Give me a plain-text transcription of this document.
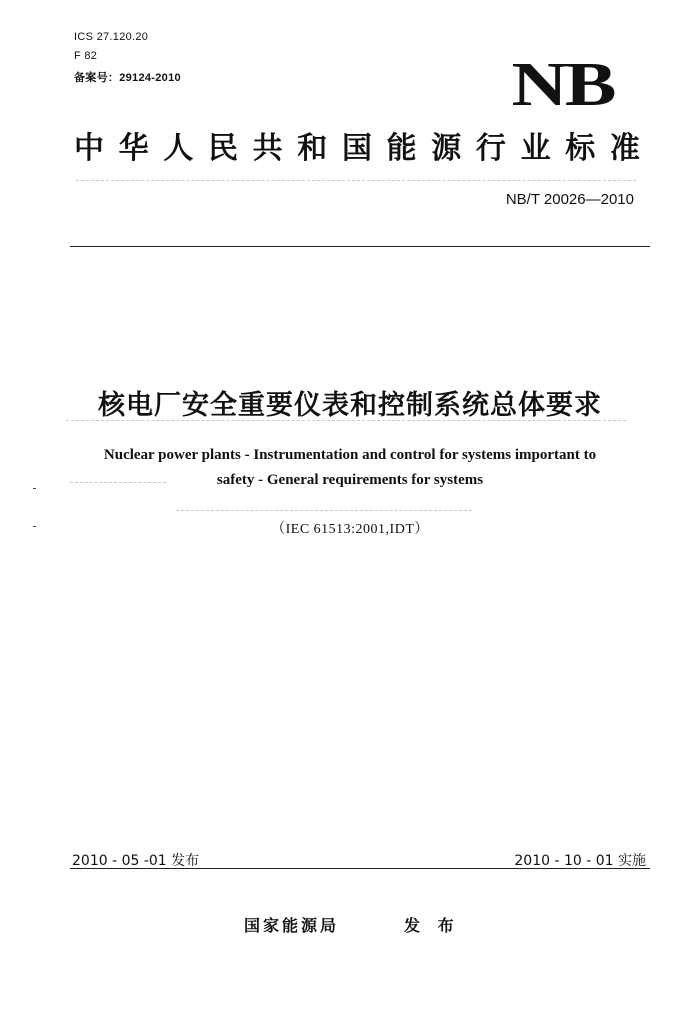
ICS 27.120.20
F 82
备案号：29124-2010	NB
中 华 人 民 共 和 国 能 源 行 业 标 准
NB/T 20026—2010
核电厂安全重要仪表和控制系统总体要求
Nuclear power plants - Instrumentation and control for systems important to
safety - General requirements for systems
（IEC 61513:2001,IDT）
2010 - 05 -01 发布	2010 - 10 - 01 实施
国家能源局	发 布
